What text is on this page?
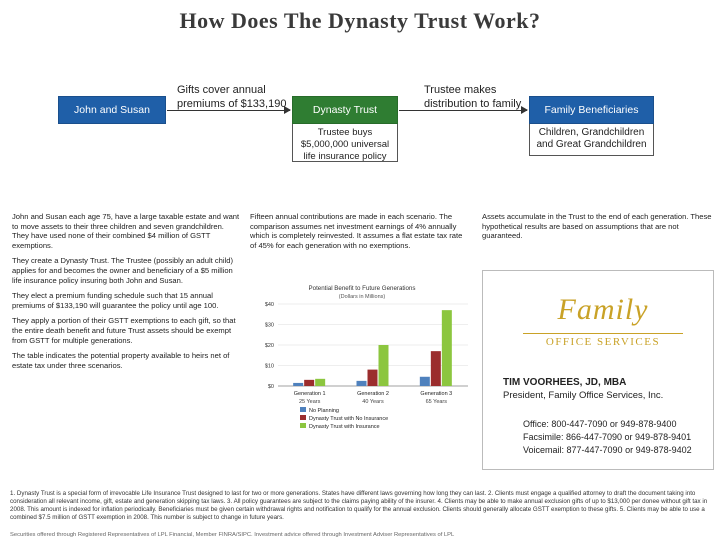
How Does The Dynasty Trust Work?
John and Susan
Gifts cover annual premiums of $133,190	Dynasty Trust
Trustee buys $5,000,000 universal life insurance policy
Trustee makes distribution to family	Family Beneficiaries
Children, Grandchildren and Great Grandchildren

John and Susan each age 75, have a large taxable estate and want to move assets to their three children and seven grandchildren. They have used none of their combined $4 million of GSTT exemptions.

They create a Dynasty Trust. The Trustee (possibly an adult child) applies for and becomes the owner and beneficiary of a $5 million life insurance policy insuring both John and Susan.

They elect a premium funding schedule such that 15 annual premiums of $133,190 will guarantee the policy until age 100.

They apply a portion of their GSTT exemptions to each gift, so that the entire death benefit and future Trust assets should be exempt from GSTT for multiple generations.

The table indicates the potential property available to heirs net of estate tax under three scenarios.

Fifteen annual contributions are made in each scenario. The comparison assumes net investment earnings of 4% annually which is completely reinvested. It assumes a flat estate tax rate of 45% for each generation with no exemptions.
Assets accumulate in the Trust to the end of each generation. These hypothetical results are based on assumptions that are not guaranteed.
Potential Benefit to Future Generations
(Dollars in Millions)
$0
$10
$20
$30
$40
Generation 1
25 Years
Generation 2
40 Years
Generation 3
65 Years
No Planning
Dynasty Trust with No Insurance
Dynasty Trust with Insurance
Family
OFFICE SERVICES
TIM VOORHEES, JD, MBA
President, Family Office Services, Inc.
Office: 800-447-7090 or 949-878-9400
Facsimile: 866-447-7090 or 949-878-9401
Voicemail: 877-447-7090 or 949-878-9402
1. Dynasty Trust is a special form of irrevocable Life Insurance Trust designed to last for two or more generations. States have different laws governing how long they can last. 2. Clients must engage a qualified attorney to draft the document taking into consideration all relevant income, gift, estate and generation skipping tax laws. 3. All policy guarantees are subject to the claims paying ability of the insurer. 4. Clients may be able to make annual exclusion gifts of up to $13,000 per donee without gift tax in 2008. This amount is indexed for inflation periodically. Beneficiaries must be given certain withdrawal rights and notification to qualify for the annual exclusion. Clients should generally allocate GSTT exemption to these gifts. 5. Clients may be able to use a combined $7.5 million of GSTT exemption in 2008. This number is subject to change in future years.
Securities offered through Registered Representatives of LPL Financial, Member FINRA/SIPC. Investment advice offered through Investment Adviser Representatives of LPL
